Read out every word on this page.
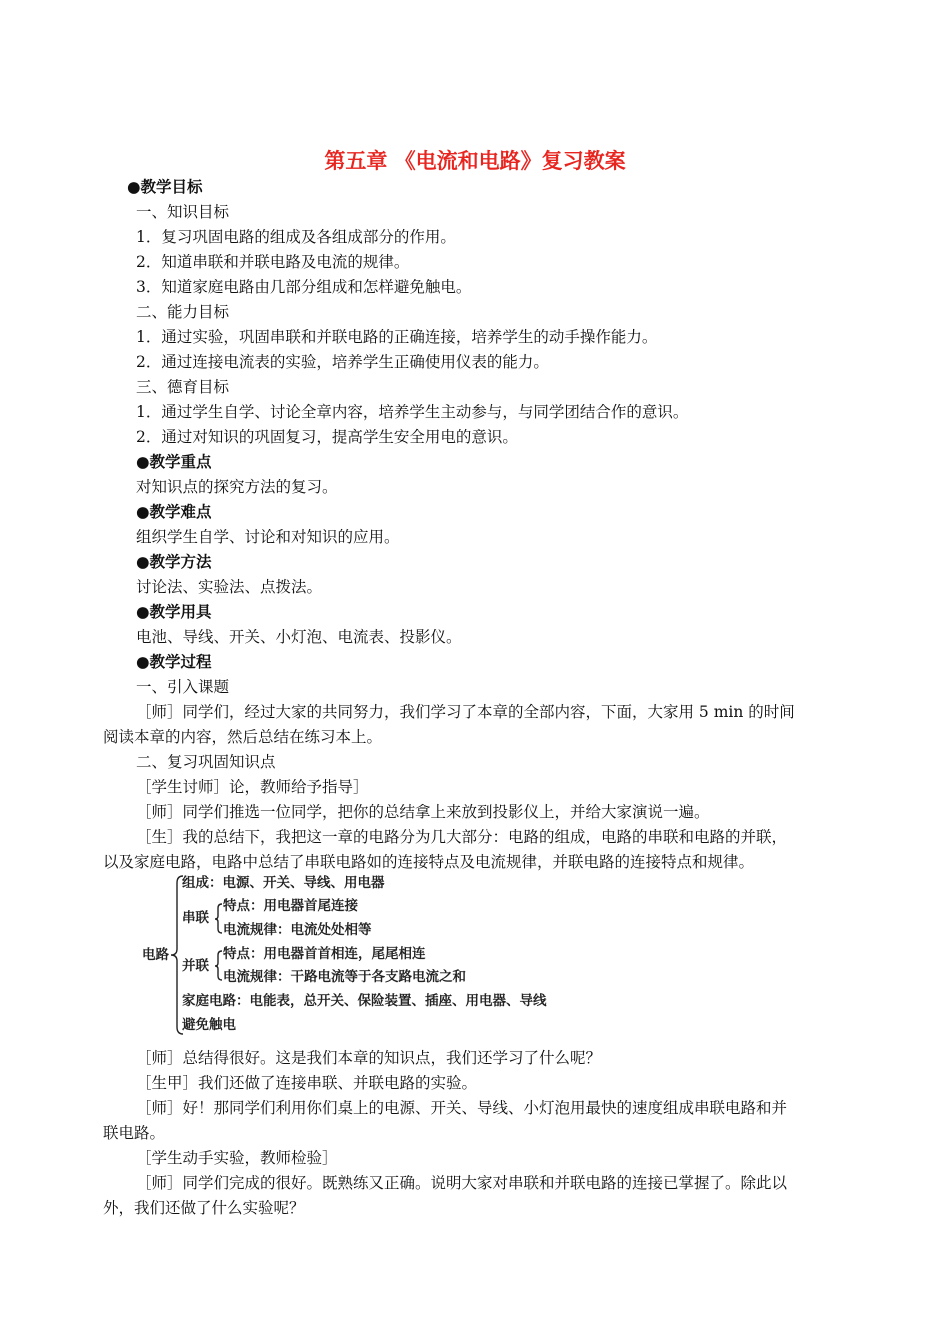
第五章 《电流和电路》复习教案
●教学目标
一、知识目标
1．复习巩固电路的组成及各组成部分的作用。
2．知道串联和并联电路及电流的规律。
3．知道家庭电路由几部分组成和怎样避免触电。
二、能力目标
1．通过实验，巩固串联和并联电路的正确连接，培养学生的动手操作能力。
2．通过连接电流表的实验，培养学生正确使用仪表的能力。
三、德育目标
1．通过学生自学、讨论全章内容，培养学生主动参与，与同学团结合作的意识。
2．通过对知识的巩固复习，提高学生安全用电的意识。
●教学重点
对知识点的探究方法的复习。
●教学难点
组织学生自学、讨论和对知识的应用。
●教学方法
讨论法、实验法、点拨法。
●教学用具
电池、导线、开关、小灯泡、电流表、投影仪。
●教学过程
一、引入课题
［师］同学们，经过大家的共同努力，我们学习了本章的全部内容，下面，大家用 5 min 的时间
阅读本章的内容，然后总结在练习本上。
二、复习巩固知识点
［学生讨师］论，教师给予指导］
［师］同学们推选一位同学，把你的总结拿上来放到投影仪上，并给大家演说一遍。
［生］我的总结下，我把这一章的电路分为几大部分：电路的组成，电路的串联和电路的并联，
以及家庭电路，电路中总结了串联电路如的连接特点及电流规律，并联电路的连接特点和规律。
电路
组成：电源、开关、导线、用电器
串联
特点：用电器首尾连接
电流规律：电流处处相等
并联
特点：用电器首首相连，尾尾相连
电流规律：干路电流等于各支路电流之和
家庭电路：电能表，总开关、保险装置、插座、用电器、导线
避免触电
［师］总结得很好。这是我们本章的知识点，我们还学习了什么呢？
［生甲］我们还做了连接串联、并联电路的实验。
［师］好！那同学们利用你们桌上的电源、开关、导线、小灯泡用最快的速度组成串联电路和并
联电路。
［学生动手实验，教师检验］
［师］同学们完成的很好。既熟练又正确。说明大家对串联和并联电路的连接已掌握了。除此以
外，我们还做了什么实验呢？
